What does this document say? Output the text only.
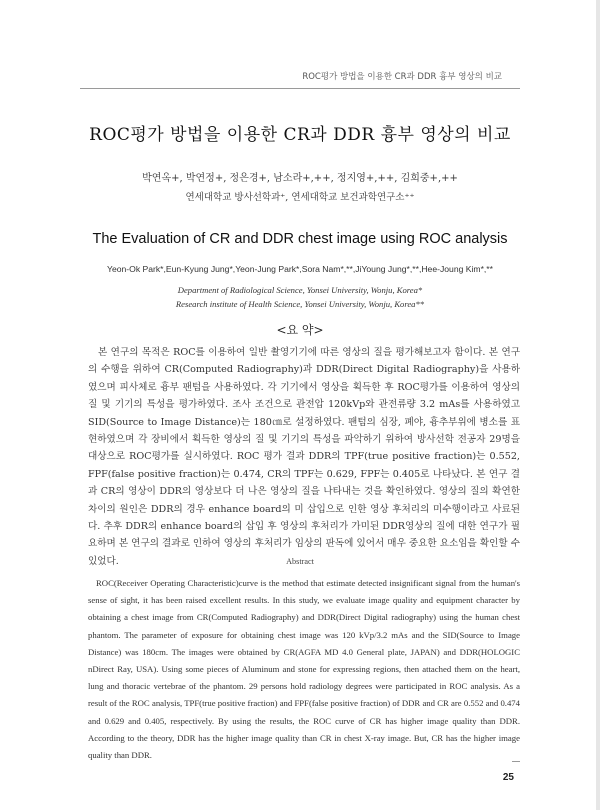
ROC평가 방법을 이용한 CR과 DDR 흉부 영상의 비교
ROC평가 방법을 이용한 CR과 DDR 흉부 영상의 비교
박연옥+, 박연정+, 정은경+, 남소라+,++, 정지영+,++, 김희중+,++
연세대학교 방사선학과⁺, 연세대학교 보건과학연구소⁺⁺
The Evaluation of CR and DDR chest image using ROC analysis
Yeon-Ok Park*,Eun-Kyung Jung*,Yeon-Jung Park*,Sora Nam*,**,JiYoung Jung*,**,Hee-Joung Kim*,**
Department of Radiological Science, Yonsei University, Wonju, Korea*
Research institute of Health Science, Yonsei University, Wonju, Korea**
<요 약>

본 연구의 목적은 ROC를 이용하여 일반 촬영기기에 따른 영상의 질을 평가해보고자 함이다. 본 연구의 수행을 위하여 CR(Computed Radiography)과 DDR(Direct Digital Radiography)을 사용하였으며 피사체로 흉부 팬텀을 사용하였다. 각 기기에서 영상을 획득한 후 ROC평가를 이용하여 영상의 질 및 기기의 특성을 평가하였다. 조사 조건으로 관전압 120kVp와 관전류량 3.2 mAs를 사용하였고 SID(Source to Image Distance)는 180㎝로 설정하였다. 팬텀의 심장, 폐야, 흉추부위에 병소를 표현하였으며 각 장비에서 획득한 영상의 질 및 기기의 특성을 파악하기 위하여 방사선학 전공자 29명을 대상으로 ROC평가를 실시하였다. ROC 평가 결과 DDR의 TPF(true positive fraction)는 0.552, FPF(false positive fraction)는 0.474, CR의 TPF는 0.629, FPF는 0.405로 나타났다. 본 연구 결과 CR의 영상이 DDR의 영상보다 더 나은 영상의 질을 나타내는 것을 확인하였다. 영상의 질의 확연한 차이의 원인은 DDR의 경우 enhance board의 미 삽입으로 인한 영상 후처리의 미수행이라고 사료된다. 추후 DDR의 enhance board의 삽입 후 영상의 후처리가 가미된 DDR영상의 질에 대한 연구가 필요하며 본 연구의 결과로 인하여 영상의 후처리가 임상의 판독에 있어서 매우 중요한 요소임을 확인할 수 있었다.	Abstract

ROC(Receiver Operating Characteristic)curve is the method that estimate detected insignificant signal from the human's sense of sight, it has been raised excellent results. In this study, we evaluate image quality and equipment character by obtaining a chest image from CR(Computed Radiography) and DDR(Direct Digital radiography) using the human chest phantom. The parameter of exposure for obtaining chest image was 120 kVp/3.2 mAs and the SID(Source to Image Distance) was 180cm. The images were obtained by CR(AGFA MD 4.0 General plate, JAPAN) and DDR(HOLOGIC nDirect Ray, USA). Using some pieces of Aluminum and stone for expressing regions, then attached them on the heart, lung and thoracic vertebrae of the phantom. 29 persons hold radiology degrees were participated in ROC analysis. As a result of the ROC analysis, TPF(true positive fraction) and FPF(false positive fraction) of DDR and CR are 0.552 and 0.474 and 0.629 and 0.405, respectively. By using the results, the ROC curve of CR has higher image quality than DDR. According to the theory, DDR has the higher image quality than CR in chest X-ray image. But, CR has the higher image quality than DDR.

25
